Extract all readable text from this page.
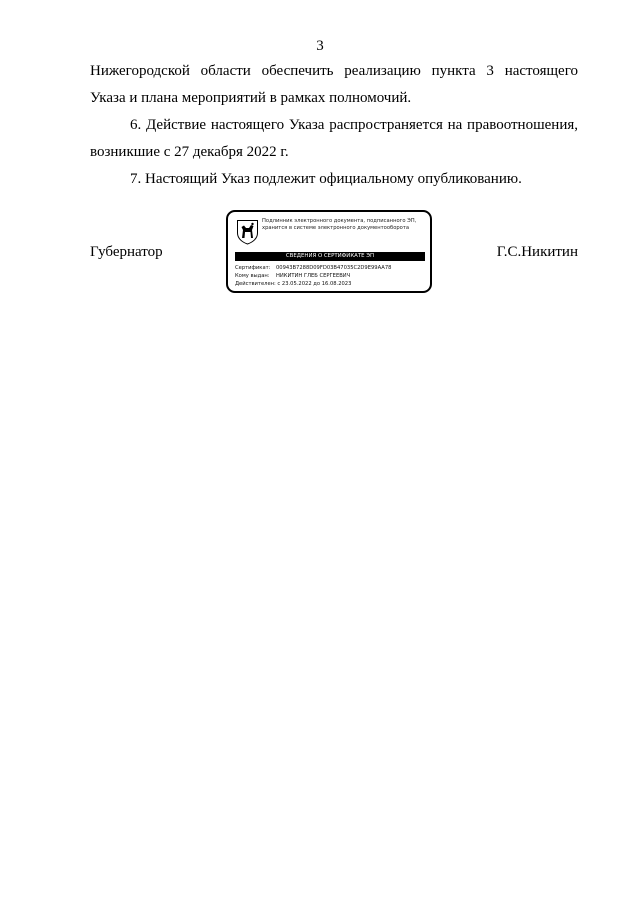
3
Нижегородской области обеспечить реализацию пункта 3 настоящего
Указа и плана мероприятий в рамках полномочий.
6. Действие настоящего Указа распространяется на правоотношения,
возникшие с 27 декабря 2022 г.
7. Настоящий Указ подлежит официальному опубликованию.
Губернатор
Подлинник электронного документа, подписанного ЭП,
хранится в системе электронного документооборота
СВЕДЕНИЯ О СЕРТИФИКАТЕ ЭП
Сертификат: 00943B7288D09FD03B47035C2D9E99AA78
Кому выдан: НИКИТИН ГЛЕБ СЕРГЕЕВИЧ
Действителен: с 23.05.2022 до 16.08.2023
Г.С.Никитин
